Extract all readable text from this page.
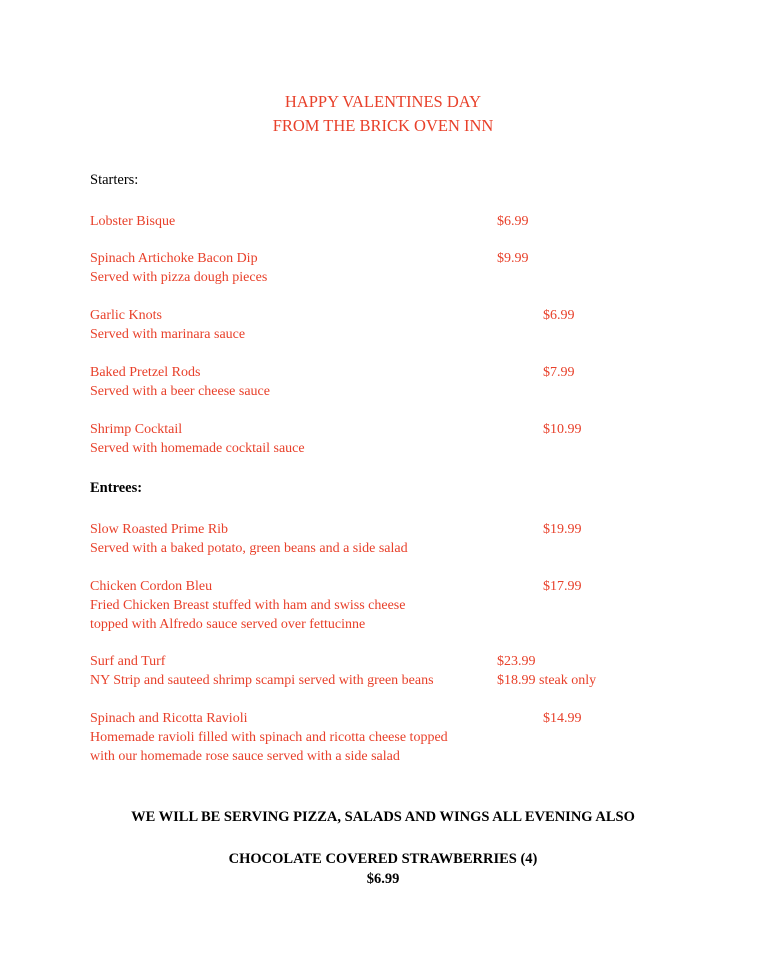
HAPPY VALENTINES DAY
FROM THE BRICK OVEN INN
Starters:
Lobster Bisque	$6.99
Spinach Artichoke Bacon Dip
Served with pizza dough pieces
$9.99
Garlic Knots
Served with marinara sauce
$6.99
Baked Pretzel Rods
Served with a beer cheese sauce
$7.99
Shrimp Cocktail
Served with homemade cocktail sauce
$10.99
Entrees:
Slow Roasted Prime Rib
Served with a baked potato, green beans and a side salad
$19.99
Chicken Cordon Bleu
Fried Chicken Breast stuffed with ham and swiss cheese
topped with Alfredo sauce served over fettucinne
$17.99
Surf and Turf
NY Strip and sauteed shrimp scampi served with green beans
$23.99
$18.99 steak only
Spinach and Ricotta Ravioli
Homemade ravioli filled with spinach and ricotta cheese topped
with our homemade rose sauce served with a side salad
$14.99
WE WILL BE SERVING PIZZA, SALADS AND WINGS ALL EVENING ALSO
CHOCOLATE COVERED STRAWBERRIES (4)
$6.99
